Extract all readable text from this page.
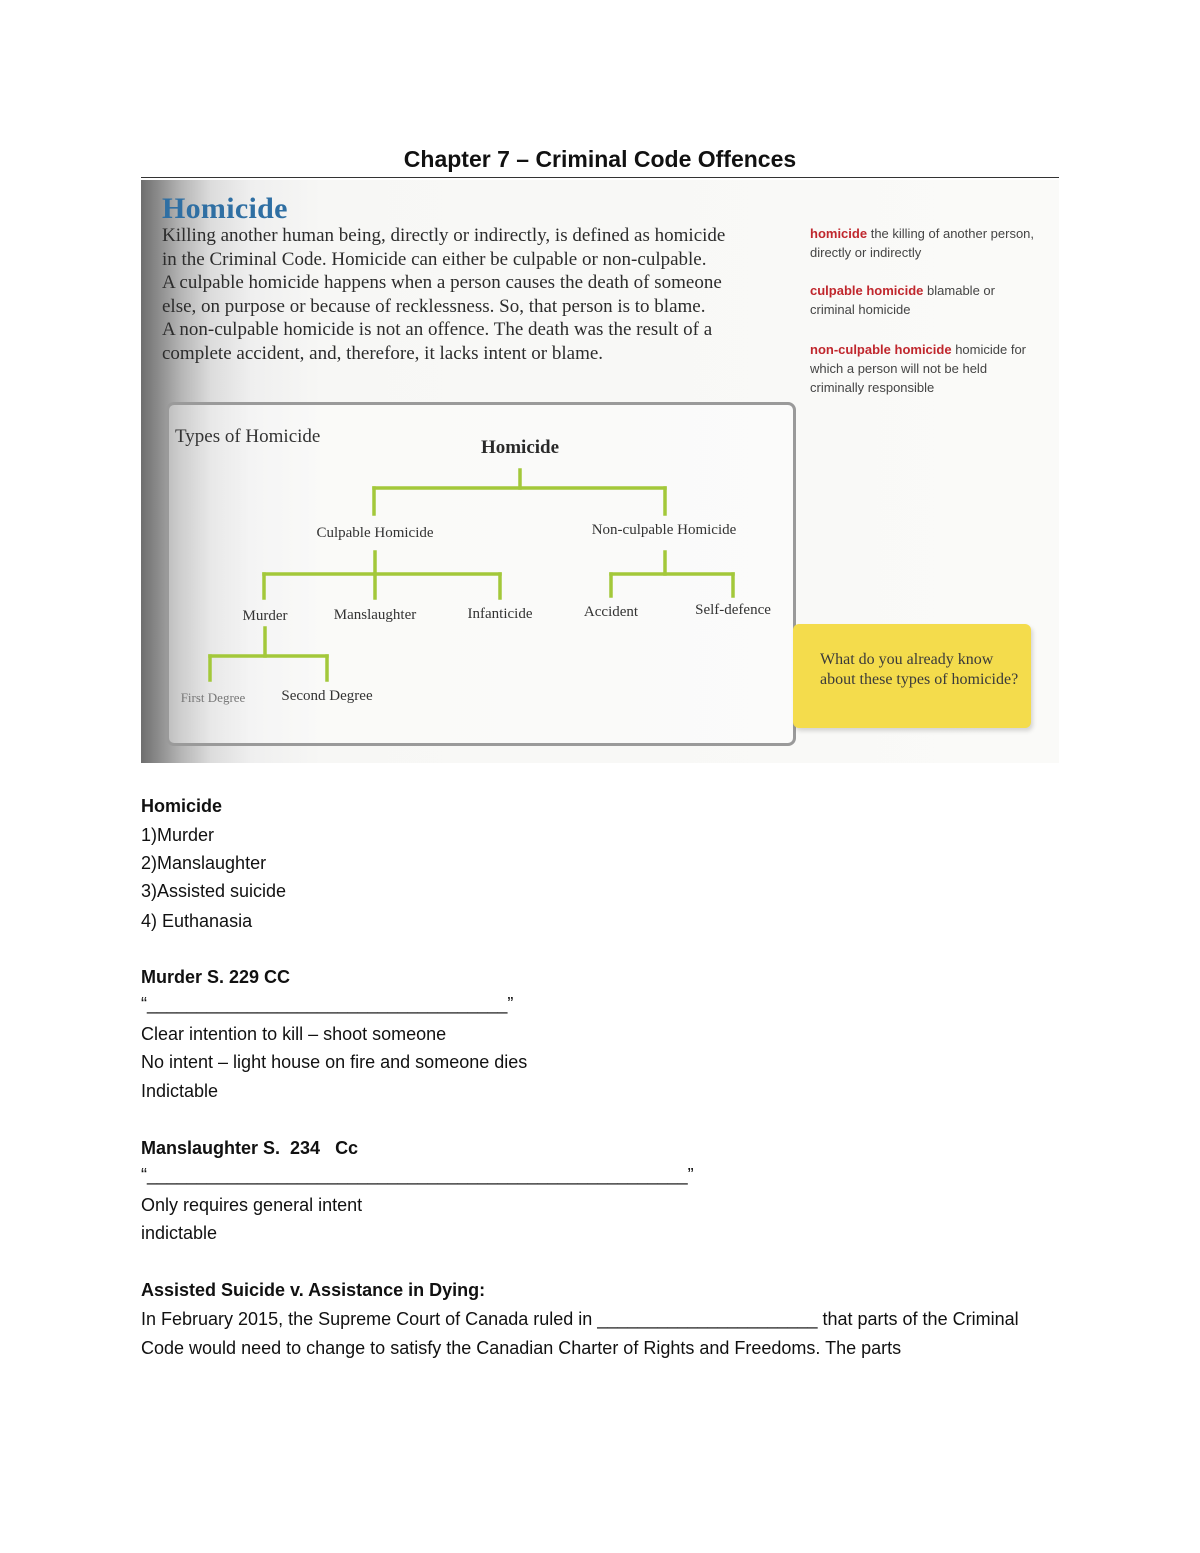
Chapter 7 – Criminal Code Offences
Homicide

Killing another human being, directly or indirectly, is defined as homicide

in the Criminal Code. Homicide can either be culpable or non-culpable.

A culpable homicide happens when a person causes the death of someone

else, on purpose or because of recklessness. So, that person is to blame.

A non-culpable homicide is not an offence. The death was the result of a

complete accident, and, therefore, it lacks intent or blame.

homicide the killing of another person, directly or indirectly
culpable homicide blamable or criminal homicide
non-culpable homicide homicide for which a person will not be held criminally responsible
Types of Homicide
Homicide
Culpable Homicide	Non-culpable Homicide
Murder	Manslaughter	Infanticide	Accident	Self-defence
First Degree Second Degree
What do you already know about these types of homicide?
Homicide
1)Murder
2)Manslaughter
3)Assisted suicide
4) Euthanasia
Murder S. 229 CC
“____________________________________”
Clear intention to kill – shoot someone
No intent – light house on fire and someone dies
Indictable
Manslaughter S.  234   Cc
“______________________________________________________”
Only requires general intent
indictable
Assisted Suicide v. Assistance in Dying:
In February 2015, the Supreme Court of Canada ruled in ______________________ that parts of the Criminal Code would need to change to satisfy the Canadian Charter of Rights and Freedoms. The parts
